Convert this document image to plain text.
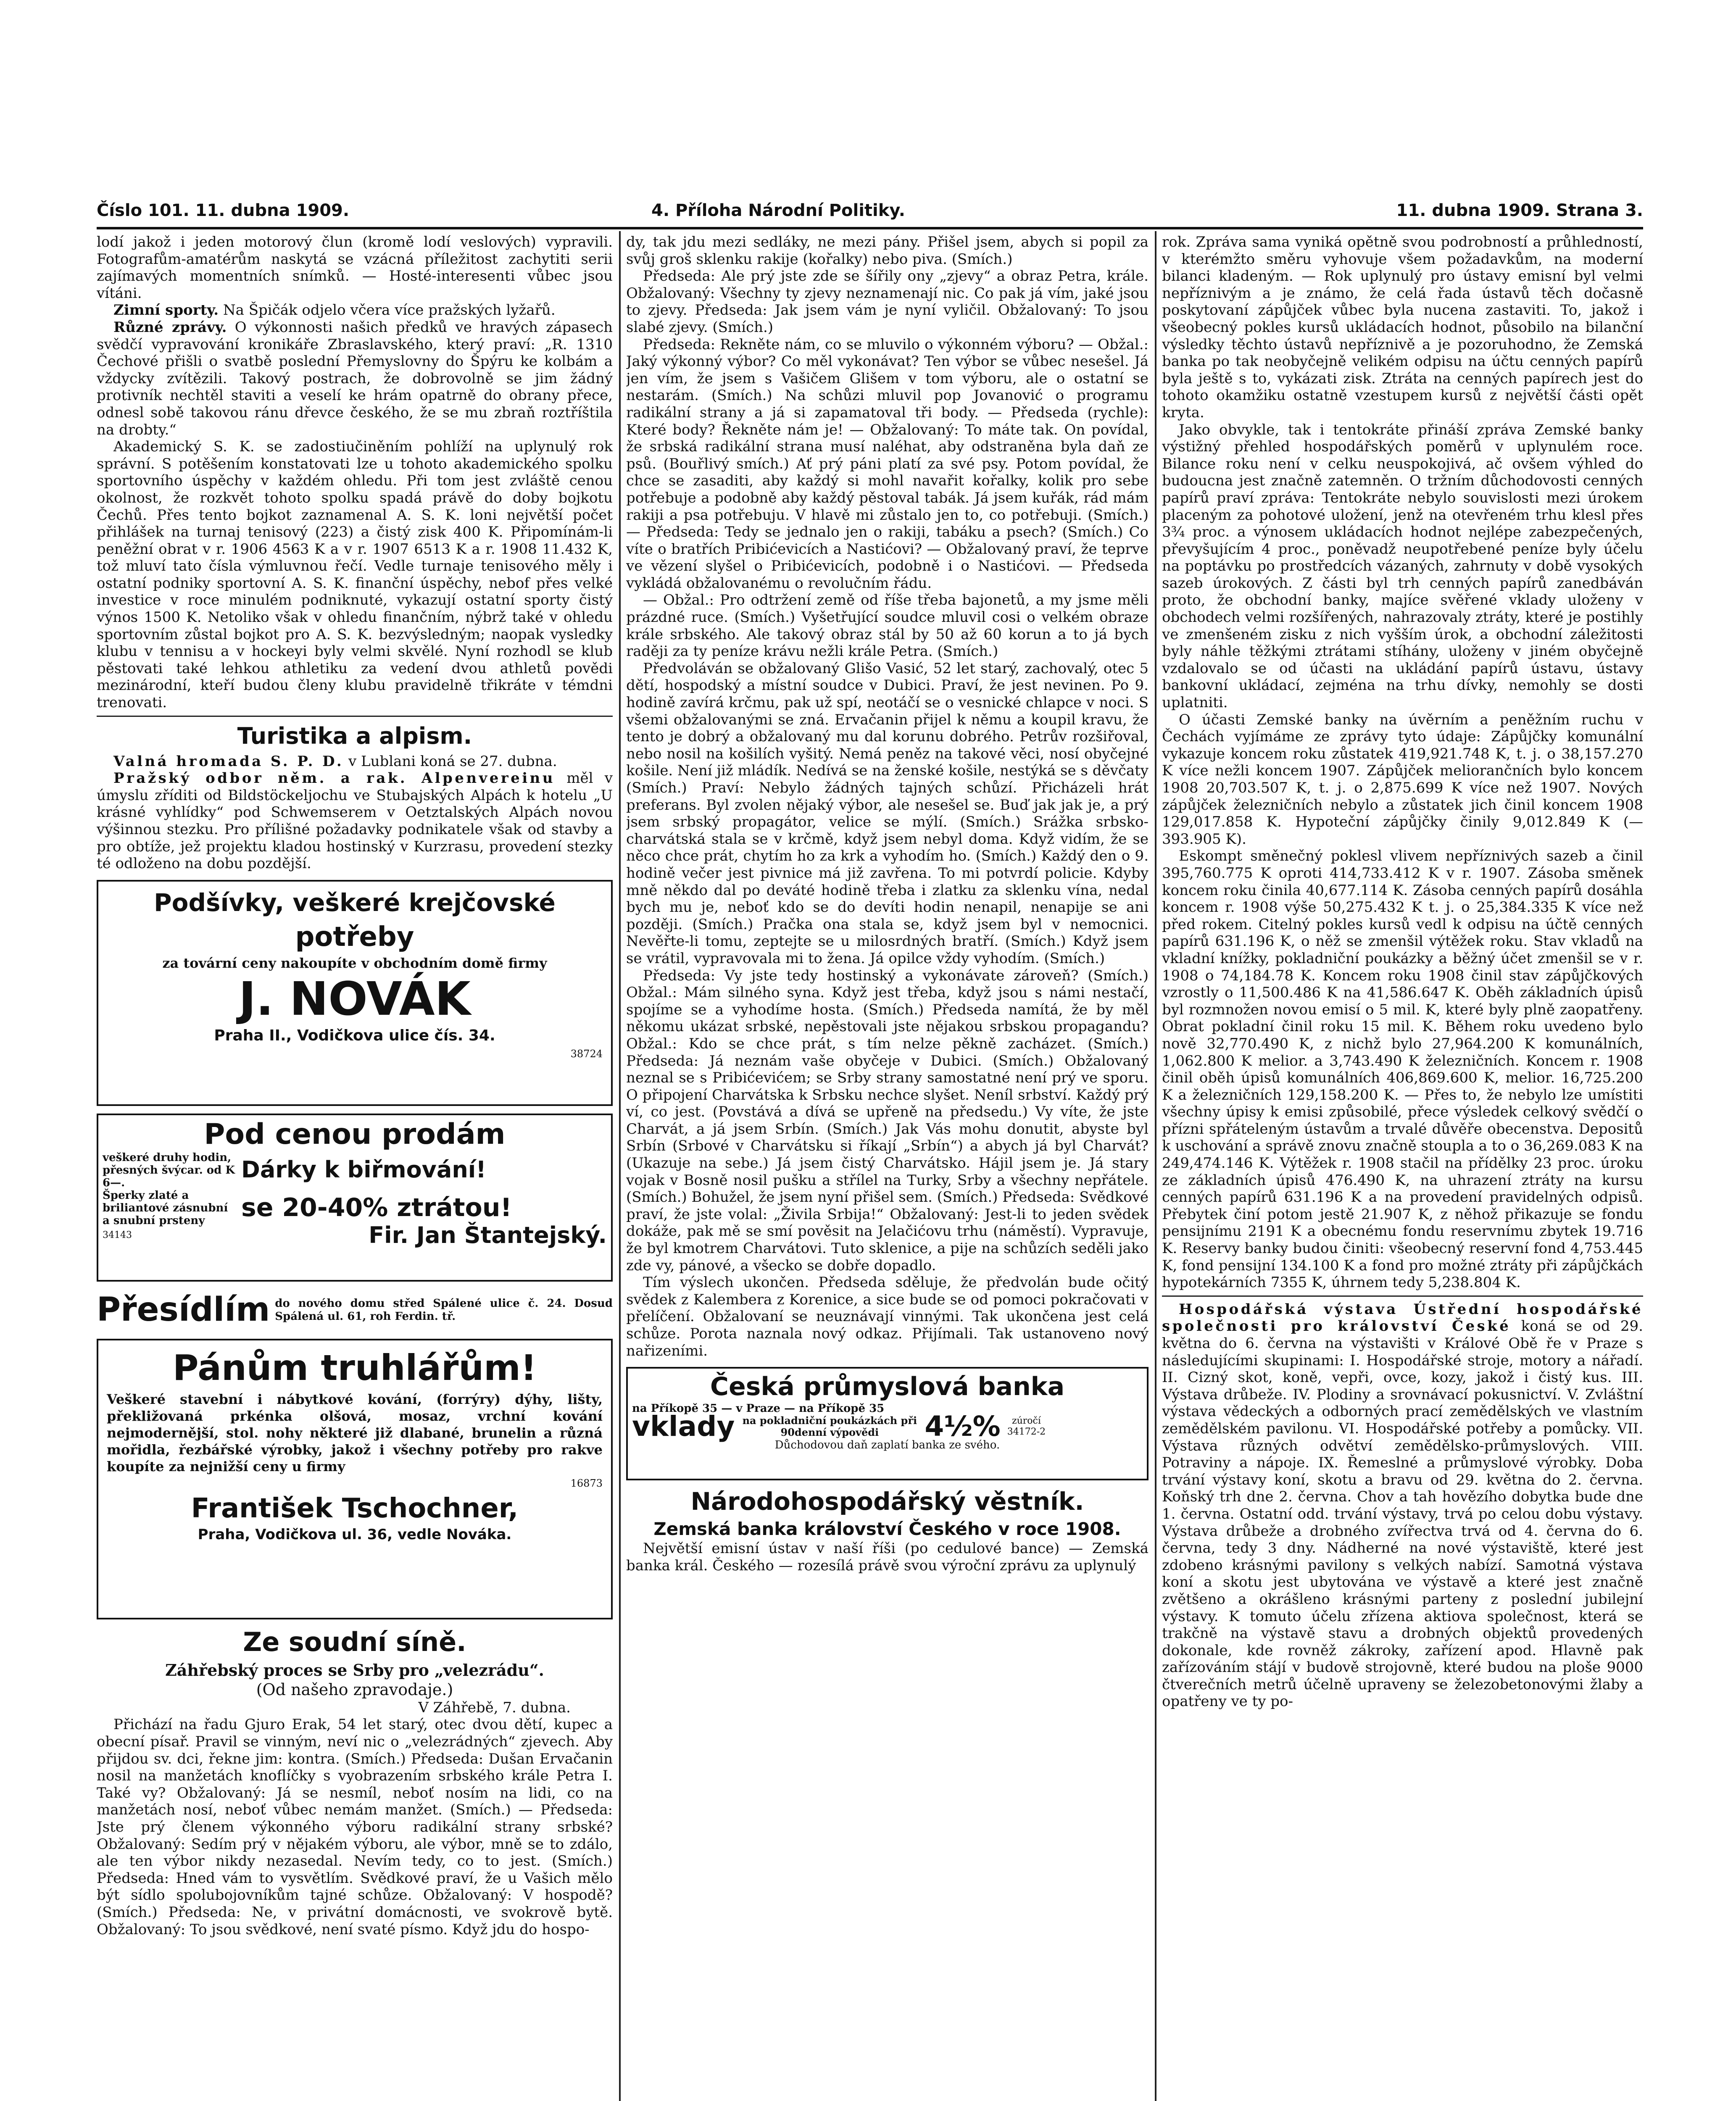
Číslo 101. 11. dubna 1909.	4. Příloha Národní Politiky.	11. dubna 1909. Strana 3.

lodí jakož i jeden motorový člun (kromě lodí veslových) vypravili. Fotografům-amatérům naskytá se vzácná příležitost zachytiti serii zajímavých momentních snímků. — Hosté-interesenti vůbec jsou vítáni.

Zimní sporty. Na Špičák odjelo včera více pražských lyžařů.

Různé zprávy. O výkonnosti našich předků ve hravých zápasech svědčí vypravování kronikáře Zbraslavského, který praví: „R. 1310 Čechové přišli o svatbě poslední Přemyslovny do Špýru ke kolbám a vždycky zvítězili. Takový postrach, že dobrovolně se jim žádný protivník nechtěl staviti a veselí ke hrám opatrně do obrany přece, odnesl sobě takovou ránu dřevce českého, že se mu zbraň roztříštila na drobty.“

Akademický S. K. se zadostiučiněním pohlíží na uplynulý rok správní. S potěšením konstatovati lze u tohoto akademického spolku sportovního úspěchy v každém ohledu. Při tom jest zvláště cenou okolnost, že rozkvět tohoto spolku spadá právě do doby bojkotu Čechů. Přes tento bojkot zaznamenal A. S. K. loni největší počet přihlášek na turnaj tenisový (223) a čistý zisk 400 K. Připomínám-li peněžní obrat v r. 1906 4563 K a v r. 1907 6513 K a r. 1908 11.432 K, tož mluví tato čísla výmluvnou řečí. Vedle turnaje tenisového měly i ostatní podniky sportovní A. S. K. finanční úspěchy, nebof přes velké investice v roce minulém podniknuté, vykazují ostatní sporty čistý výnos 1500 K. Netoliko však v ohledu finančním, nýbrž také v ohledu sportovním zůstal bojkot pro A. S. K. bezvýsledným; naopak vysledky klubu v tennisu a v hockeyi byly velmi skvělé. Nyní rozhodl se klub pěstovati také lehkou athletiku za vedení dvou athletů povědi mezinárodní, kteří budou členy klubu pravidelně třikráte v témdni trenovati.

Turistika a alpism.

Valná hromada S. P. D. v Lublani koná se 27. dubna.

Pražský odbor něm. a rak. Alpenvereinu měl v úmyslu zříditi od Bildstöckeljochu ve Stubajských Alpách k hotelu „U krásné vyhlídky“ pod Schwemserem v Oetztalských Alpách novou výšinnou stezku. Pro přílišné požadavky podnikatele však od stavby a pro obtíže, jež projektu kladou hostinský v Kurzrasu, provedení stezky té odloženo na dobu pozdější.

Podšívky, veškeré krejčovské
potřeby
za tovární ceny nakoupíte v obchodním domě firmy
J. NOVÁK
Praha II., Vodičkova ulice čís. 34.
38724
Pod cenou prodám
veškeré druhy hodin, přesných švýcar. od K 6—.	Dárky k biřmování!
Šperky zlaté a briliantové zásnubní a snubní prsteny	se 20-40% ztrátou!
34143	Fir. Jan Štantejský.
Přesídlím do nového domu střed Spálené ulice č. 24. Dosud Spálená ul. 61, roh Ferdin. tř.
Pánům truhlářům!
Veškeré stavební i nábytkové kování, (forrýry) dýhy, lišty, překližovaná prkénka olšová, mosaz, vrchní kování nejmodernější, stol. nohy některé již dlabané, brunelin a různá mořidla, řezbářské výrobky, jakož i všechny potřeby pro rakve koupíte za nejnižší ceny u firmy
16873
František Tschochner,
Praha, Vodičkova ul. 36, vedle Nováka.
Ze soudní síně.
Záhřebský proces se Srby pro „velezrádu“.
(Od našeho zpravodaje.)
V Záhřebě, 7. dubna.

Přichází na řadu Gjuro Erak, 54 let starý, otec dvou dětí, kupec a obecní písař. Pravil se vinným, neví nic o „velezrádných“ zjevech. Aby přijdou sv. dci, řekne jim: kontra. (Smích.) Předseda: Dušan Ervačanin nosil na manžetách knoflíčky s vyobrazením srbského krále Petra I. Také vy? Obžalovaný: Já se nesmíl, neboť nosím na lidi, co na manžetách nosí, neboť vůbec nemám manžet. (Smích.) — Předseda: Jste prý členem výkonného výboru radikální strany srbské? Obžalovaný: Sedím prý v nějakém výboru, ale výbor, mně se to zdálo, ale ten výbor nikdy nezasedal. Nevím tedy, co to jest. (Smích.) Předseda: Hned vám to vysvětlím. Svědkové praví, že u Vašich mělo být sídlo spolubojovníkům tajné schůze. Obžalovaný: V hospodě? (Smích.) Předseda: Ne, v privátní domácnosti, ve svokrově bytě. Obžalovaný: To jsou svědkové, není svaté písmo. Když jdu do hospo-

dy, tak jdu mezi sedláky, ne mezi pány. Přišel jsem, abych si popil za svůj groš sklenku rakije (kořalky) nebo piva. (Smích.)

Předseda: Ale prý jste zde se šířily ony „zjevy“ a obraz Petra, krále. Obžalovaný: Všechny ty zjevy neznamenají nic. Co pak já vím, jaké jsou to zjevy. Předseda: Jak jsem vám je nyní vyličil. Obžalovaný: To jsou slabé zjevy. (Smích.)

Předseda: Rekněte nám, co se mluvilo o výkonném výboru? — Obžal.: Jaký výkonný výbor? Co měl vykonávat? Ten výbor se vůbec nesešel. Já jen vím, že jsem s Vašičem Glišem v tom výboru, ale o ostatní se nestarám. (Smích.) Na schůzi mluvil pop Jovanović o programu radikální strany a já si zapamatoval tři body. — Předseda (rychle): Které body? Řekněte nám je! — Obžalovaný: To máte tak. On povídal, že srbská radikální strana musí naléhat, aby odstraněna byla daň ze psů. (Bouřlivý smích.) Ať prý páni platí za své psy. Potom povídal, že chce se zasaditi, aby každý si mohl navařit kořalky, kolik pro sebe potřebuje a podobně aby každý pěstoval tabák. Já jsem kuřák, rád mám rakiji a psa potřebuju. V hlavě mi zůstalo jen to, co potřebuji. (Smích.) — Předseda: Tedy se jednalo jen o rakiji, tabáku a psech? (Smích.) Co víte o bratřích Pribićevicích a Nastićovi? — Obžalovaný praví, že teprve ve vězení slyšel o Pribićevicích, podobně i o Nastićovi. — Předseda vykládá obžalovanému o revolučním řádu.

— Obžal.: Pro odtržení země od říše třeba bajonetů, a my jsme měli prázdné ruce. (Smích.) Vyšetřující soudce mluvil cosi o velkém obraze krále srbského. Ale takový obraz stál by 50 až 60 korun a to já bych raději za ty peníze krávu nežli krále Petra. (Smích.)

Předvoláván se obžalovaný Glišo Vasić, 52 let starý, zachovalý, otec 5 dětí, hospodský a místní soudce v Dubici. Praví, že jest nevinen. Po 9. hodině zavírá krčmu, pak už spí, neotáčí se o vesnické chlapce v noci. S všemi obžalovanými se zná. Ervačanin přijel k němu a koupil kravu, že tento je dobrý a obžalovaný mu dal korunu dobrého. Petrův rozšiřoval, nebo nosil na košilích vyšitý. Nemá peněz na takové věci, nosí obyčejné košile. Není již mládík. Nedívá se na ženské košile, nestýká se s děvčaty (Smích.) Praví: Nebylo žádných tajných schůzí. Přicházeli hrát preferans. Byl zvolen nějaký výbor, ale nesešel se. Buď jak jak je, a prý jsem srbský propagátor, velice se mýlí. (Smích.) Srážka srbsko-charvátská stala se v krčmě, když jsem nebyl doma. Když vidím, že se něco chce prát, chytím ho za krk a vyhodím ho. (Smích.) Každý den o 9. hodině večer jest pivnice má již zavřena. To mi potvrdí policie. Kdyby mně někdo dal po deváté hodině třeba i zlatku za sklenku vína, nedal bych mu je, neboť kdo se do devíti hodin nenapil, nenapije se ani později. (Smích.) Pračka ona stala se, když jsem byl v nemocnici. Nevěřte-li tomu, zeptejte se u milosrdných bratří. (Smích.) Když jsem se vrátil, vypravovala mi to žena. Já opilce vždy vyhodím. (Smích.)

Předseda: Vy jste tedy hostinský a vykonávate zároveň? (Smích.) Obžal.: Mám silného syna. Když jest třeba, když jsou s námi nestačí, spojíme se a vyhodíme hosta. (Smích.) Předseda namítá, že by měl někomu ukázat srbské, nepěstovali jste nějakou srbskou propagandu? Obžal.: Kdo se chce prát, s tím nelze pěkně zacházet. (Smích.) Předseda: Já neznám vaše obyčeje v Dubici. (Smích.) Obžalovaný neznal se s Pribićevićem; se Srby strany samostatné není prý ve sporu. O připojení Charvátska k Srbsku nechce slyšet. Neníl srbství. Každý prý ví, co jest. (Povstává a dívá se upřeně na předsedu.) Vy víte, že jste Charvát, a já jsem Srbín. (Smích.) Jak Vás mohu donutit, abyste byl Srbín (Srbové v Charvátsku si říkají „Srbín“) a abych já byl Charvát? (Ukazuje na sebe.) Já jsem čistý Charvátsko. Hájil jsem je. Já stary vojak v Bosně nosil pušku a střílel na Turky, Srby a všechny nepřátele. (Smích.) Bohužel, že jsem nyní přišel sem. (Smích.) Předseda: Svědkové praví, že jste volal: „Živila Srbija!“ Obžalovaný: Jest-li to jeden svědek dokáže, pak mě se smí pověsit na Jelačićovu trhu (náměstí). Vypravuje, že byl kmotrem Charvátovi. Tuto sklenice, a pije na schůzích seděli jako zde vy, pánové, a všecko se dobře dopadlo.

Tím výslech ukončen. Předseda sděluje, že předvolán bude očitý svědek z Kalembera z Korenice, a sice bude se od pomoci pokračovati v přelíčení. Obžalovaní se neuznávají vinnými. Tak ukončena jest celá schůze. Porota naznala nový odkaz. Přijímali. Tak ustanoveno nový nařizeními.

Česká průmyslová banka
na Příkopě 35 — v Praze — na Příkopě 35
vklady na pokladniční poukázkách při 90denní výpovědi	4½%	zúročí
34172-2
Důchodovou daň zaplatí banka ze svého.
Národohospodářský věstník.
Zemská banka království Českého v roce 1908.

Největší emisní ústav v naší říši (po cedulové bance) — Zemská banka král. Českého — rozesílá právě svou výroční zprávu za uplynulý

rok. Zpráva sama vyniká opětně svou podrobností a průhledností, v kterémžto směru vyhovuje všem požadavkům, na moderní bilanci kladeným. — Rok uplynulý pro ústavy emisní byl velmi nepříznivým a je známo, že celá řada ústavů těch dočasně poskytovaní zápůjček vůbec byla nucena zastaviti. To, jakož i všeobecný pokles kursů ukládacích hodnot, působilo na bilanční výsledky těchto ústavů nepříznivě a je pozoruhodno, že Zemská banka po tak neobyčejně velikém odpisu na účtu cenných papírů byla ještě s to, vykázati zisk. Ztráta na cenných papírech jest do tohoto okamžiku ostatně vzestupem kursů z největší části opět kryta.

Jako obvykle, tak i tentokráte přináší zpráva Zemské banky výstižný přehled hospodářských poměrů v uplynulém roce. Bilance roku není v celku neuspokojivá, ač ovšem výhled do budoucna jest značně zatemněn. O tržním důchodovosti cenných papírů praví zpráva: Tentokráte nebylo souvislosti mezi úrokem placeným za pohotové uložení, jenž na otevřeném trhu klesl přes 3¾ proc. a výnosem ukládacích hodnot nejlépe zabezpečených, převyšujícím 4 proc., poněvadž neupotřebené peníze byly účelu na poptávku po prostředcích vázaných, zahrnuty v době vysokých sazeb úrokových. Z části byl trh cenných papírů zanedbáván proto, že obchodní banky, majíce svěřené vklady uloženy v obchodech velmi rozšířených, nahrazovaly ztráty, které je postihly ve zmenšeném zisku z nich vyšším úrok, a obchodní záležitosti byly náhle těžkými ztrátami stíhány, uloženy v jiném obyčejně vzdalovalo se od účasti na ukládání papírů ústavu, ústavy bankovní ukládací, zejména na trhu dívky, nemohly se dosti uplatniti.

O účasti Zemské banky na úvěrním a peněžním ruchu v Čechách vyjímáme ze zprávy tyto údaje: Zápůjčky komunální vykazuje koncem roku zůstatek 419,921.748 K, t. j. o 38,157.270 K více nežli koncem 1907. Zápůjček meliorančních bylo koncem 1908 20,703.507 K, t. j. o 2,875.699 K více než 1907. Nových zápůjček železničních nebylo a zůstatek jich činil koncem 1908 129,017.858 K. Hypoteční zápůjčky činily 9,012.849 K (— 393.905 K).

Eskompt směnečný poklesl vlivem nepříznivých sazeb a činil 395,760.775 K oproti 414,733.412 K v r. 1907. Zásoba směnek koncem roku činila 40,677.114 K. Zásoba cenných papírů dosáhla koncem r. 1908 výše 50,275.432 K t. j. o 25,384.335 K více než před rokem. Citelný pokles kursů vedl k odpisu na účtě cenných papírů 631.196 K, o něž se zmenšil výtěžek roku. Stav vkladů na vkladní knížky, pokladniční poukázky a běžný účet zmenšil se v r. 1908 o 74,184.78 K. Koncem roku 1908 činil stav zápůjčkových vzrostly o 11,500.486 K na 41,586.647 K. Oběh základních úpisů byl rozmnožen novou emisí o 5 mil. K, které byly plně zaopatřeny. Obrat pokladní činil roku 15 mil. K. Během roku uvedeno bylo nově 32,770.490 K, z nichž bylo 27,964.200 K komunálních, 1,062.800 K melior. a 3,743.490 K železničních. Koncem r. 1908 činil oběh úpisů komunálních 406,869.600 K, melior. 16,725.200 K a železničních 129,158.200 K. — Přes to, že nebylo lze umístiti všechny úpisy k emisi způsobilé, přece výsledek celkový svědčí o přízni spřáteleným ústavům a trvalé důvěře obecenstva. Depositů k uschování a správě znovu značně stoupla a to o 36,269.083 K na 249,474.146 K. Výtěžek r. 1908 stačil na přídělky 23 proc. úroku ze základních úpisů 476.490 K, na uhrazení ztráty na kursu cenných papírů 631.196 K a na provedení pravidelných odpisů. Přebytek činí potom jestě 21.907 K, z něhož přikazuje se fondu pensijnímu 2191 K a obecnému fondu reservnímu zbytek 19.716 K. Reservy banky budou činiti: všeobecný reservní fond 4,753.445 K, fond pensijní 134.100 K a fond pro možné ztráty při zápůjčkách hypotekárních 7355 K, úhrnem tedy 5,238.804 K.

Hospodářská výstava Ústřední hospodářské společnosti pro království České koná se od 29. května do 6. června na výstavišti v Králové Obě ře v Praze s následujícími skupinami: I. Hospodářské stroje, motory a nářadí. II. Cizný skot, koně, vepři, ovce, kozy, jakož i čistý kus. III. Výstava drůbeže. IV. Plodiny a srovnávací pokusnictví. V. Zvláštní výstava vědeckých a odborných prací zemědělských ve vlastním zemědělském pavilonu. VI. Hospodářské potřeby a pomůcky. VII. Výstava různých odvětví zemědělsko-průmyslových. VIII. Potraviny a nápoje. IX. Řemeslné a průmyslové výrobky. Doba trvání výstavy koní, skotu a bravu od 29. května do 2. června. Koňský trh dne 2. června. Chov a tah hovězího dobytka bude dne 1. června. Ostatní odd. trvání výstavy, trvá po celou dobu výstavy. Výstava drůbeže a drobného zvířectva trvá od 4. června do 6. června, tedy 3 dny. Nádherné na nové výstaviště, které jest zdobeno krásnými pavilony s velkých nabízí. Samotná výstava koní a skotu jest ubytována ve výstavě a které jest značně zvětšeno a okrášleno krásnými parteny z poslední jubilejní výstavy. K tomuto účelu zřízena aktiova společnost, která se trakčně na výstavě stavu a drobných objektů provedených dokonale, kde rovněž zákroky, zařízení apod. Hlavně pak zařízováním stájí v budově strojovně, které budou na ploše 9000 čtverečních metrů účelně upraveny se železobetonovými žlaby a opatřeny ve ty po-
